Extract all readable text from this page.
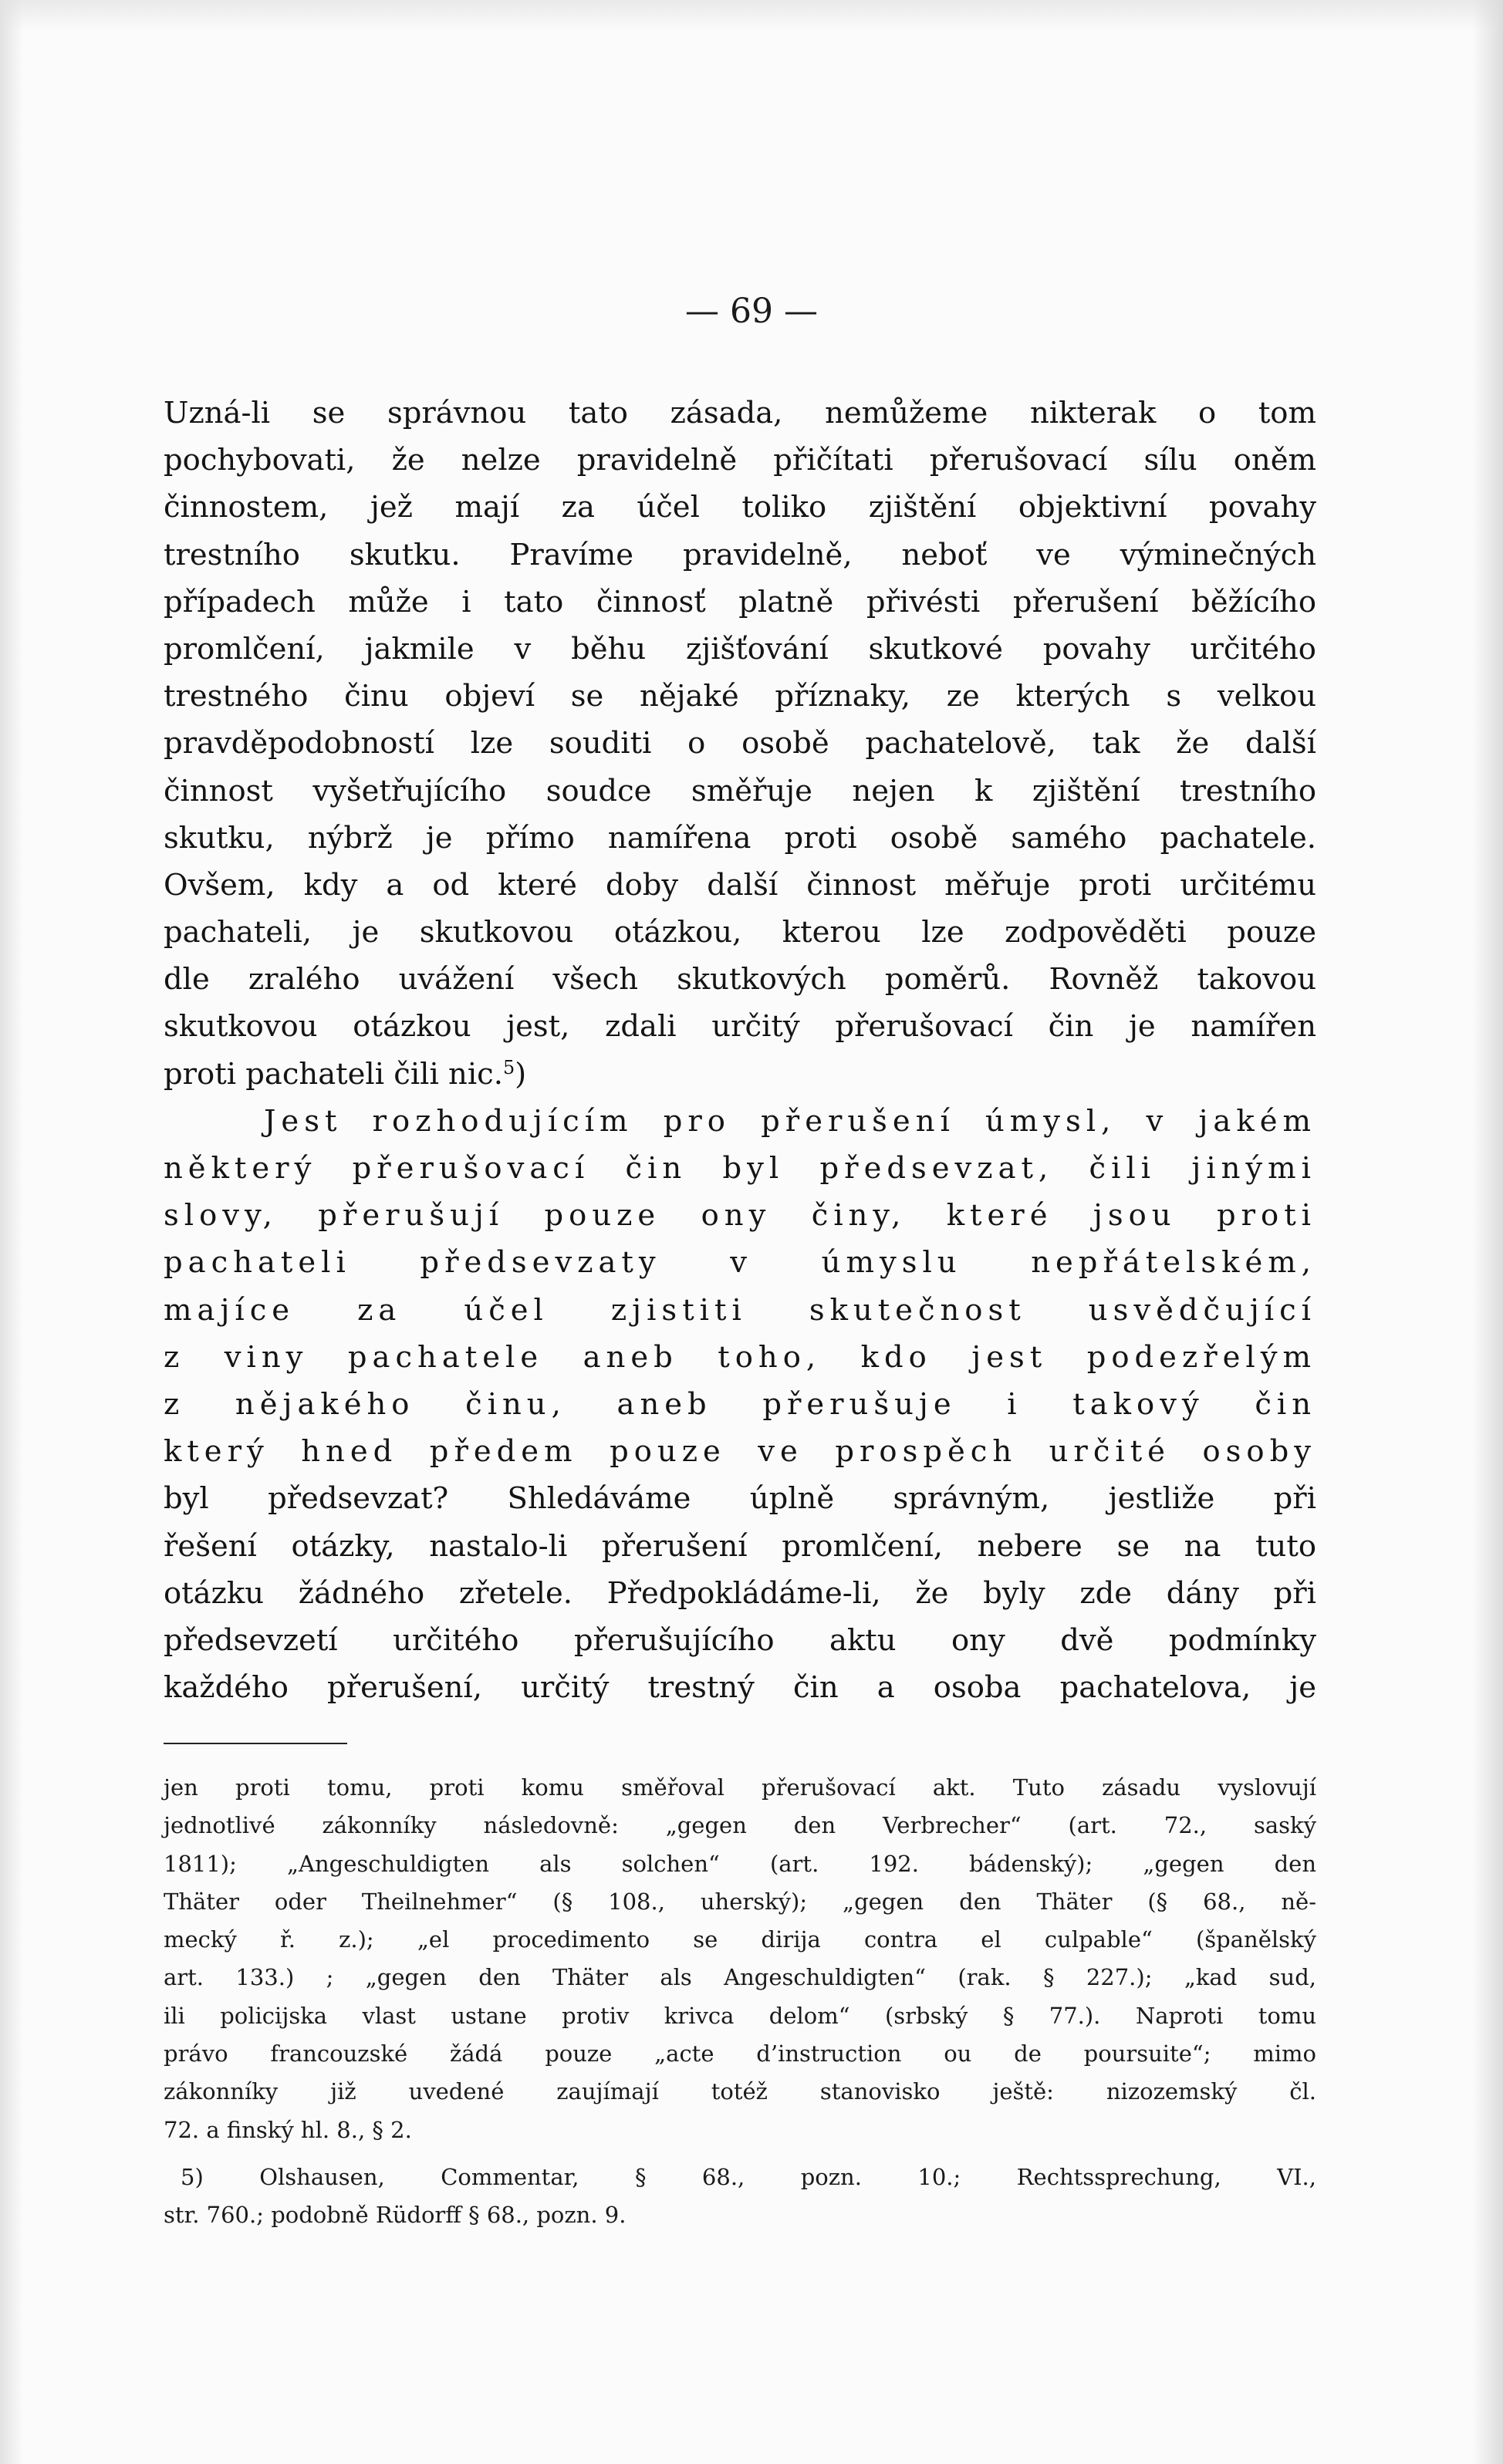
— 69 —
Uzná-li se správnou tato zásada, nemůžeme nikterak o tom
pochybovati, že nelze pravidelně přičítati přerušovací sílu oněm
činnostem, jež mají za účel toliko zjištění objektivní povahy
trestního skutku. Pravíme pravidelně, neboť ve výminečných
případech může i tato činnosť platně přivésti přerušení běžícího
promlčení, jakmile v běhu zjišťování skutkové povahy určitého
trestného činu objeví se nějaké příznaky, ze kterých s velkou
pravděpodobností lze souditi o osobě pachatelově, tak že další
činnost vyšetřujícího soudce směřuje nejen k zjištění trestního
skutku, nýbrž je přímo namířena proti osobě samého pachatele.
Ovšem, kdy a od které doby další činnost měřuje proti určitému
pachateli, je skutkovou otázkou, kterou lze zodpověděti pouze
dle zralého uvážení všech skutkových poměrů. Rovněž takovou
skutkovou otázkou jest, zdali určitý přerušovací čin je namířen
proti pachateli čili nic.$^5$)
Jest rozhodujícím pro přerušení úmysl, v jakém
některý přerušovací čin byl předsevzat, čili jinými
slovy, přerušují pouze ony činy, které jsou proti
pachateli předsevzaty v úmyslu nepřátelském,
majíce za účel zjistiti skutečnost usvědčující
z viny pachatele aneb toho, kdo jest podezřelým
z nějakého činu, aneb přerušuje i takový čin
který hned předem pouze ve prospěch určité osoby
byl předsevzat? Shledáváme úplně správným, jestliže při
řešení otázky, nastalo-li přerušení promlčení, nebere se na tuto
otázku žádného zřetele. Předpokládáme-li, že byly zde dány při
předsevzetí určitého přerušujícího aktu ony dvě podmínky
každého přerušení, určitý trestný čin a osoba pachatelova, je
jen proti tomu, proti komu směřoval přerušovací akt. Tuto zásadu vyslovují
jednotlivé zákonníky následovně: „gegen den Verbrecher“ (art. 72., saský
1811); „Angeschuldigten als solchen“ (art. 192. bádenský); „gegen den
Thäter oder Theilnehmer“ (§ 108., uherský); „gegen den Thäter (§ 68., ně-
mecký ř. z.); „el procedimento se dirija contra el culpable“ (španělský
art. 133.) ; „gegen den Thäter als Angeschuldigten“ (rak. § 227.); „kad sud,
ili policijska vlast ustane protiv krivca delom“ (srbský § 77.). Naproti tomu
právo francouzské žádá pouze „acte d’instruction ou de poursuite“; mimo
zákonníky již uvedené zaujímají totéž stanovisko ještě: nizozemský čl.
72. a finský hl. 8., § 2.
5) Olshausen, Commentar, § 68., pozn. 10.; Rechtssprechung, VI.,
str. 760.; podobně Rüdorff § 68., pozn. 9.
